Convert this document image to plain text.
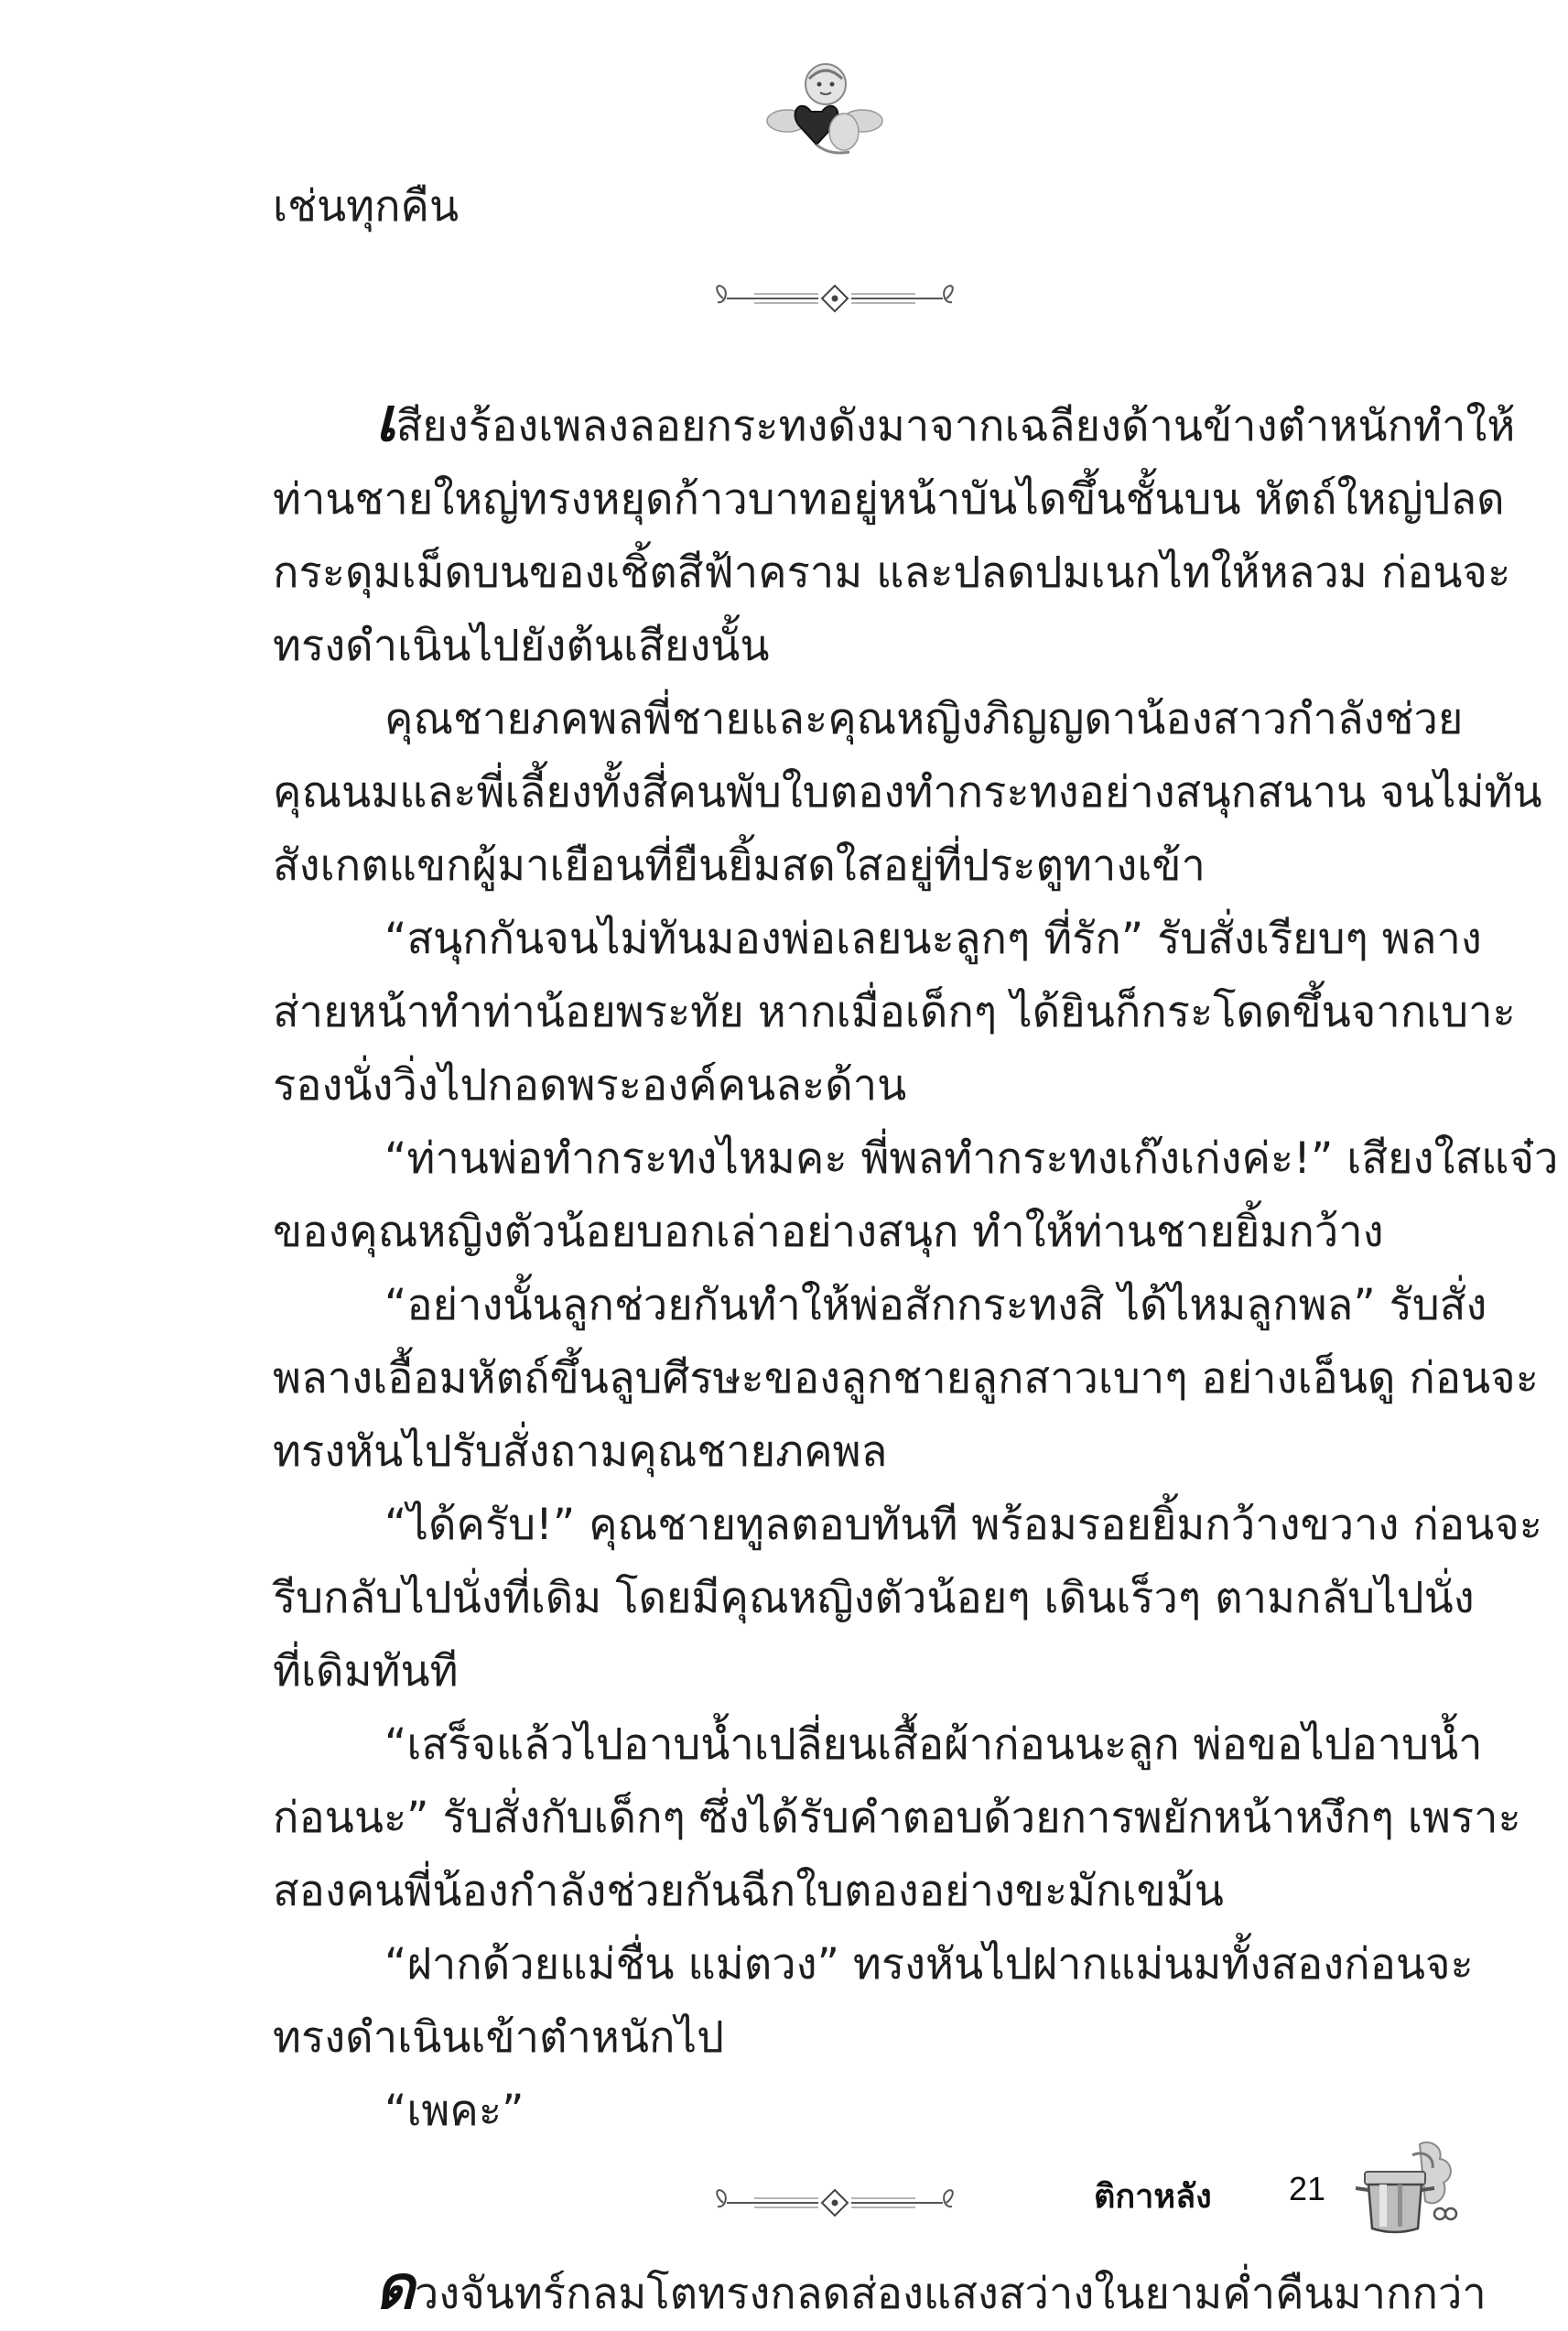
เช่นทุกคืน
เสียงร้องเพลงลอยกระทงดังมาจากเฉลียงด้านข้างตำหนักทำให้
ท่านชายใหญ่ทรงหยุดก้าวบาทอยู่หน้าบันไดขึ้นชั้นบน หัตถ์ใหญ่ปลด
กระดุมเม็ดบนของเชิ้ตสีฟ้าคราม และปลดปมเนกไทให้หลวม ก่อนจะ
ทรงดำเนินไปยังต้นเสียงนั้น
คุณชายภคพลพี่ชายและคุณหญิงภิญญดาน้องสาวกำลังช่วย
คุณนมและพี่เลี้ยงทั้งสี่คนพับใบตองทำกระทงอย่างสนุกสนาน จนไม่ทัน
สังเกตแขกผู้มาเยือนที่ยืนยิ้มสดใสอยู่ที่ประตูทางเข้า
“สนุกกันจนไม่ทันมองพ่อเลยนะลูกๆ ที่รัก” รับสั่งเรียบๆ พลาง
ส่ายหน้าทำท่าน้อยพระทัย หากเมื่อเด็กๆ ได้ยินก็กระโดดขึ้นจากเบาะ
รองนั่งวิ่งไปกอดพระองค์คนละด้าน
“ท่านพ่อทำกระทงไหมคะ พี่พลทำกระทงเก๊งเก่งค่ะ!” เสียงใสแจ๋ว
ของคุณหญิงตัวน้อยบอกเล่าอย่างสนุก ทำให้ท่านชายยิ้มกว้าง
“อย่างนั้นลูกช่วยกันทำให้พ่อสักกระทงสิ ได้ไหมลูกพล” รับสั่ง
พลางเอื้อมหัตถ์ขึ้นลูบศีรษะของลูกชายลูกสาวเบาๆ อย่างเอ็นดู ก่อนจะ
ทรงหันไปรับสั่งถามคุณชายภคพล
“ได้ครับ!” คุณชายทูลตอบทันที พร้อมรอยยิ้มกว้างขวาง ก่อนจะ
รีบกลับไปนั่งที่เดิม โดยมีคุณหญิงตัวน้อยๆ เดินเร็วๆ ตามกลับไปนั่ง
ที่เดิมทันที
“เสร็จแล้วไปอาบน้ำเปลี่ยนเสื้อผ้าก่อนนะลูก พ่อขอไปอาบน้ำ
ก่อนนะ” รับสั่งกับเด็กๆ ซึ่งได้รับคำตอบด้วยการพยักหน้าหงึกๆ เพราะ
สองคนพี่น้องกำลังช่วยกันฉีกใบตองอย่างขะมักเขม้น
“ฝากด้วยแม่ชื่น แม่ตวง” ทรงหันไปฝากแม่นมทั้งสองก่อนจะ
ทรงดำเนินเข้าตำหนักไป
“เพคะ”
ดวงจันทร์กลมโตทรงกลดส่องแสงสว่างในยามค่ำคืนมากกว่า
ติกาหลัง 21
